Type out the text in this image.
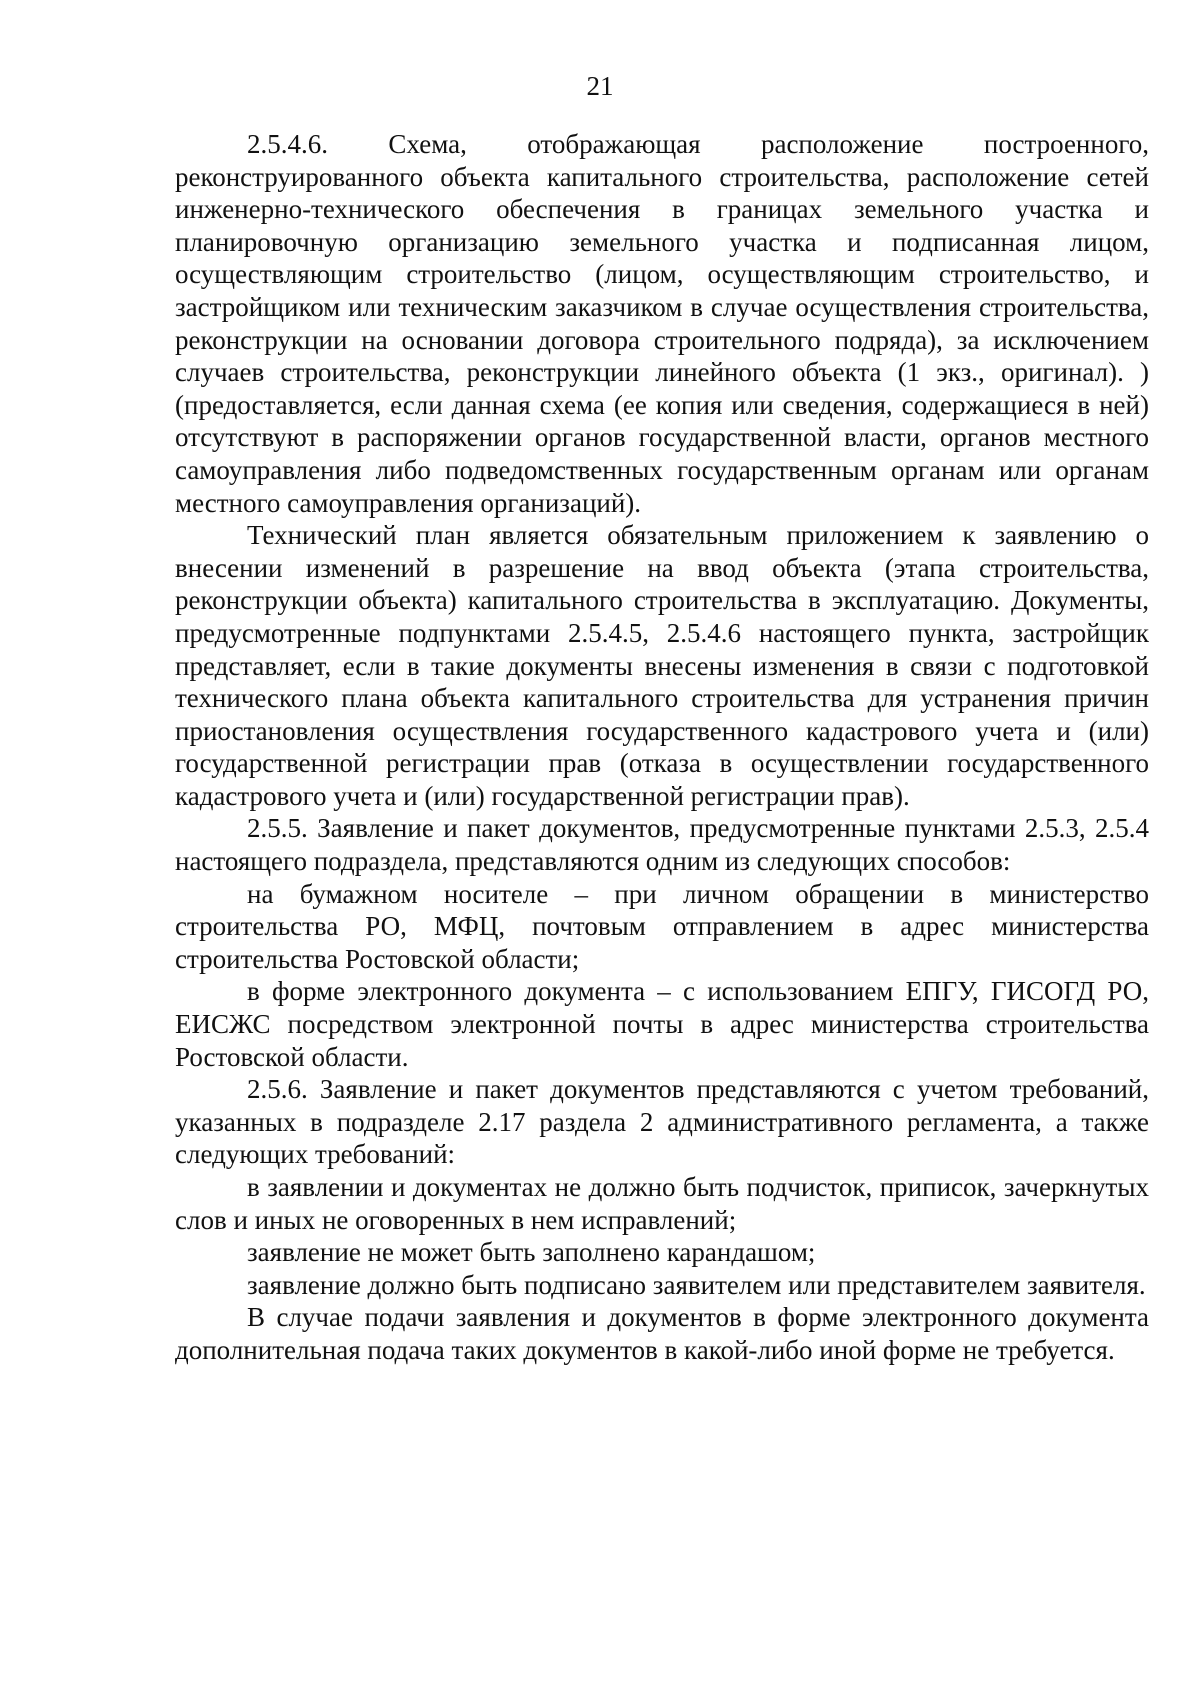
21

2.5.4.6. Схема, отображающая расположение построенного, реконструированного объекта капитального строительства, расположение сетей инженерно-технического обеспечения в границах земельного участка и планировочную организацию земельного участка и подписанная лицом, осуществляющим строительство (лицом, осуществляющим строительство, и застройщиком или техническим заказчиком в случае осуществления строительства, реконструкции на основании договора строительного подряда), за исключением случаев строительства, реконструкции линейного объекта (1 экз., оригинал). )(предоставляется, если данная схема (ее копия или сведения, содержащиеся в ней) отсутствуют в распоряжении органов государственной власти, органов местного самоуправления либо подведомственных государственным органам или органам местного самоуправления организаций).

Технический план является обязательным приложением к заявлению о внесении изменений в разрешение на ввод объекта (этапа строительства, реконструкции объекта) капитального строительства в эксплуатацию. Документы, предусмотренные подпунктами 2.5.4.5, 2.5.4.6 настоящего пункта, застройщик представляет, если в такие документы внесены изменения в связи с подготовкой технического плана объекта капитального строительства для устранения причин приостановления осуществления государственного кадастрового учета и (или) государственной регистрации прав (отказа в осуществлении государственного кадастрового учета и (или) государственной регистрации прав).

2.5.5. Заявление и пакет документов, предусмотренные пунктами 2.5.3, 2.5.4 настоящего подраздела, представляются одним из следующих способов:

на бумажном носителе – при личном обращении в министерство строительства РО, МФЦ, почтовым отправлением в адрес министерства строительства Ростовской области;

в форме электронного документа – с использованием ЕПГУ, ГИСОГД РО, ЕИСЖС посредством электронной почты в адрес министерства строительства Ростовской области.

2.5.6. Заявление и пакет документов представляются с учетом требований, указанных в подразделе 2.17 раздела 2 административного регламента, а также следующих требований:

в заявлении и документах не должно быть подчисток, приписок, зачеркнутых слов и иных не оговоренных в нем исправлений;

заявление не может быть заполнено карандашом;

заявление должно быть подписано заявителем или представителем заявителя.

В случае подачи заявления и документов в форме электронного документа дополнительная подача таких документов в какой-либо иной форме не требуется.
